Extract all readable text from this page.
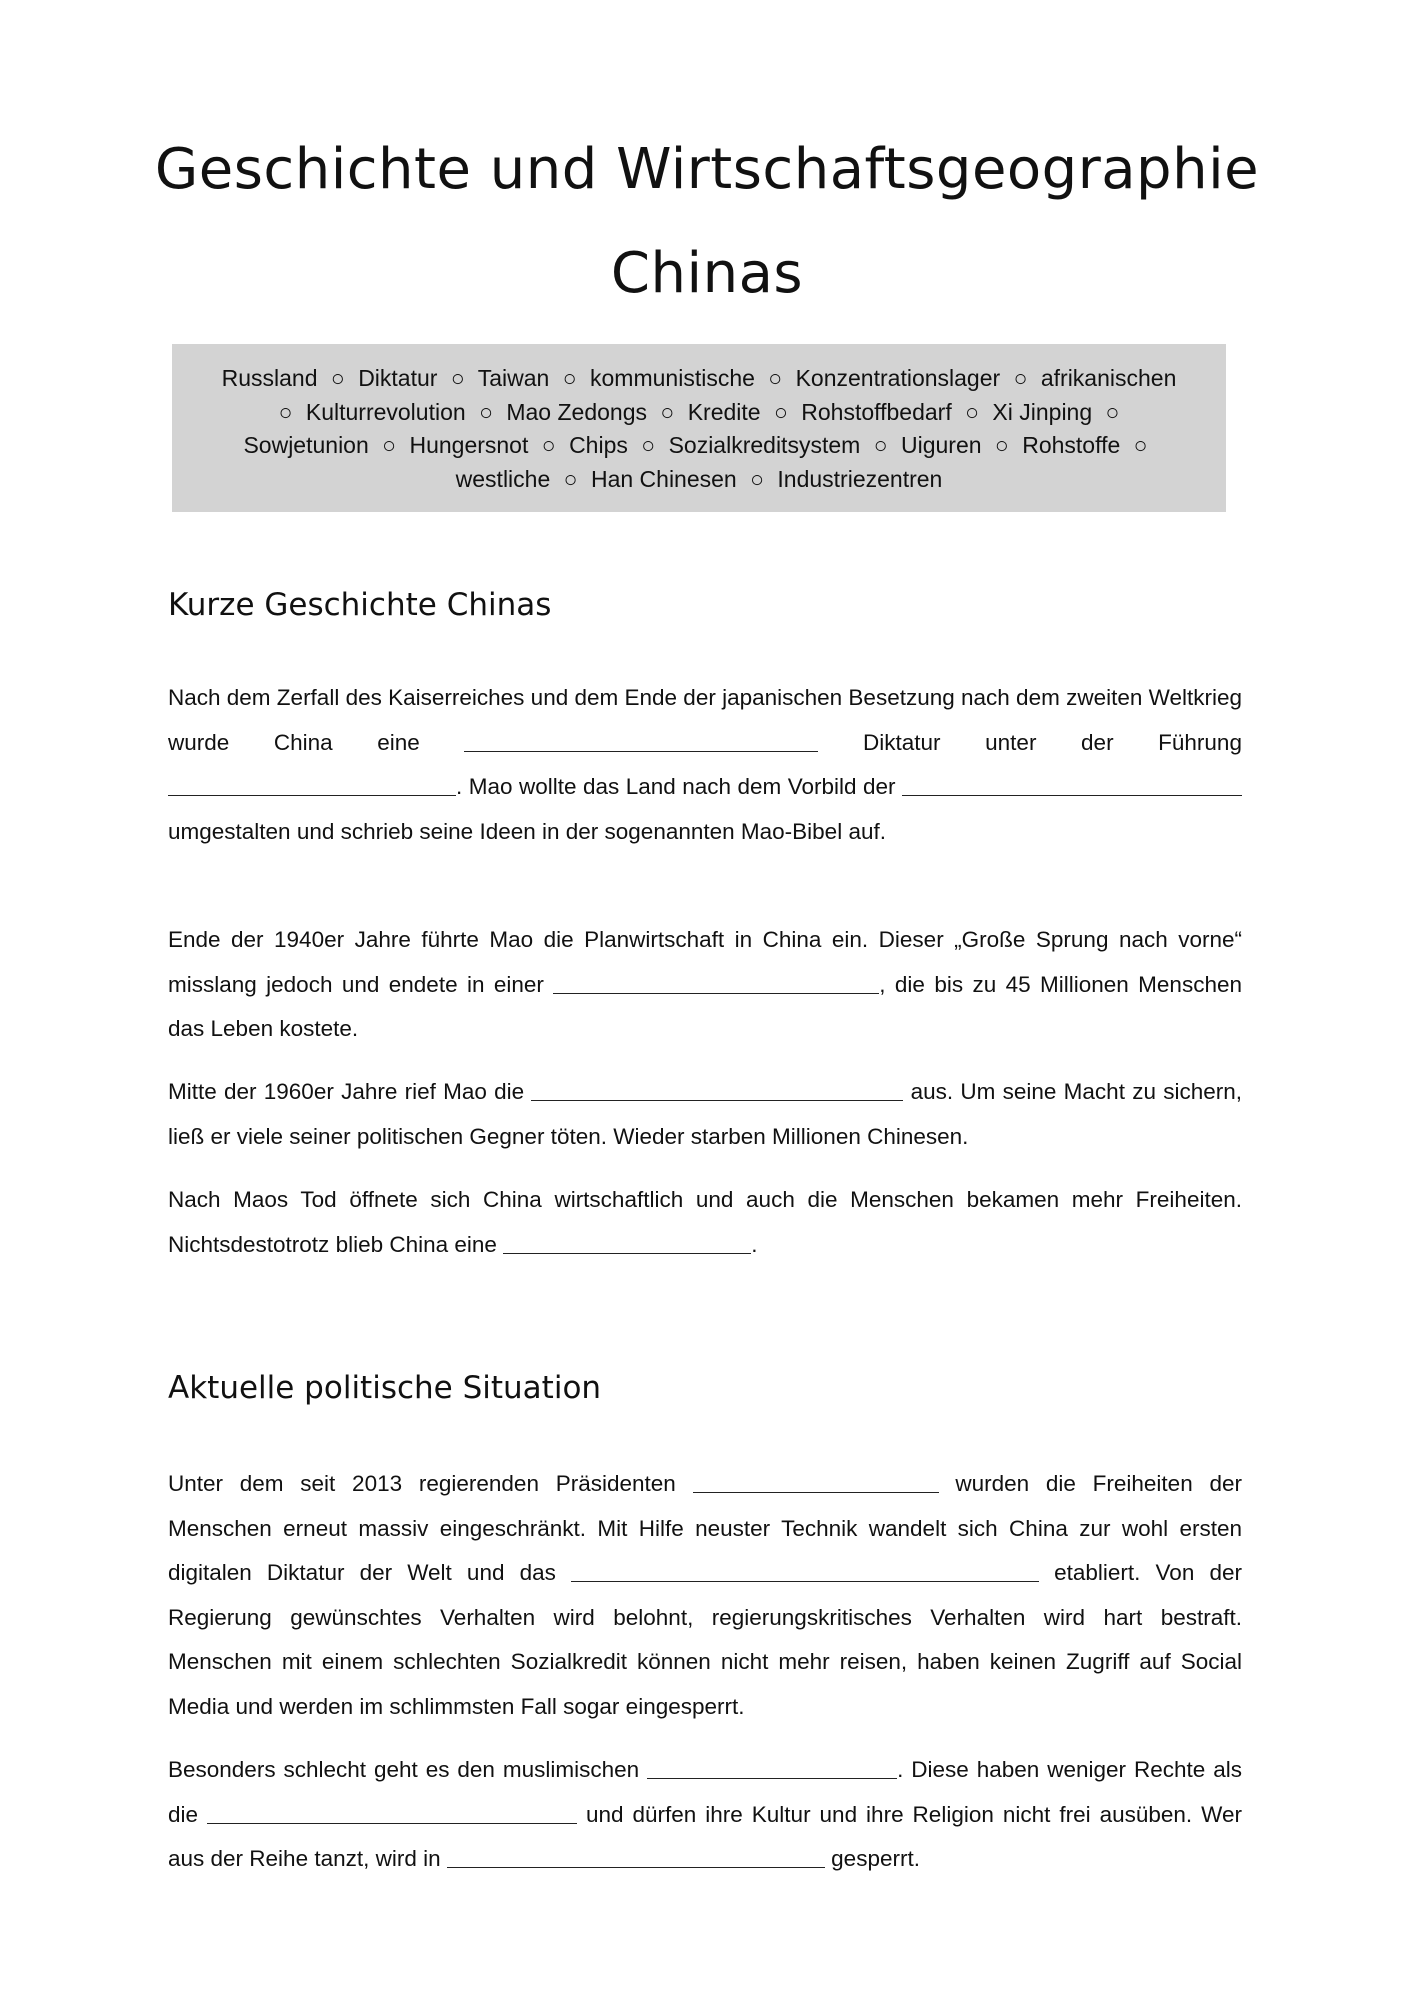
Geschichte und Wirtschaftsgeographie Chinas
Russland ○ Diktatur ○ Taiwan ○ kommunistische ○ Konzentrationslager ○ afrikanischen ○ Kulturrevolution ○ Mao Zedongs ○ Kredite ○ Rohstoffbedarf ○ Xi Jinping ○ Sowjetunion ○ Hungersnot ○ Chips ○ Sozialkreditsystem ○ Uiguren ○ Rohstoffe ○ westliche ○ Han Chinesen ○ Industriezentren
Kurze Geschichte Chinas

Nach dem Zerfall des Kaiserreiches und dem Ende der japanischen Besetzung nach dem zweiten Weltkrieg wurde China eine	Diktatur unter der Führung . Mao wollte das Land nach dem Vorbild der  umgestalten und schrieb seine Ideen in der sogenannten Mao-Bibel auf.

Ende der 1940er Jahre führte Mao die Planwirtschaft in China ein. Dieser „Große Sprung nach vorne“ misslang jedoch und endete in einer	, die bis zu 45 Millionen Menschen das Leben kostete.

Mitte der 1960er Jahre rief Mao die	aus. Um seine Macht zu sichern, ließ er viele seiner politischen Gegner töten. Wieder starben Millionen Chinesen.

Nach Maos Tod öffnete sich China wirtschaftlich und auch die Menschen bekamen mehr Freiheiten. Nichtsdestotrotz blieb China eine	.

Aktuelle politische Situation

Unter dem seit 2013 regierenden Präsidenten	wurden die Freiheiten der Menschen erneut massiv eingeschränkt. Mit Hilfe neuster Technik wandelt sich China zur wohl ersten digitalen Diktatur der Welt und das	etabliert. Von der Regierung gewünschtes Verhalten wird belohnt, regierungskritisches Verhalten wird hart bestraft. Menschen mit einem schlechten Sozialkredit können nicht mehr reisen, haben keinen Zugriff auf Social Media und werden im schlimmsten Fall sogar eingesperrt.

Besonders schlecht geht es den muslimischen	. Diese haben weniger Rechte als die	und dürfen ihre Kultur und ihre Religion nicht frei ausüben. Wer aus der Reihe tanzt, wird in	gesperrt.
